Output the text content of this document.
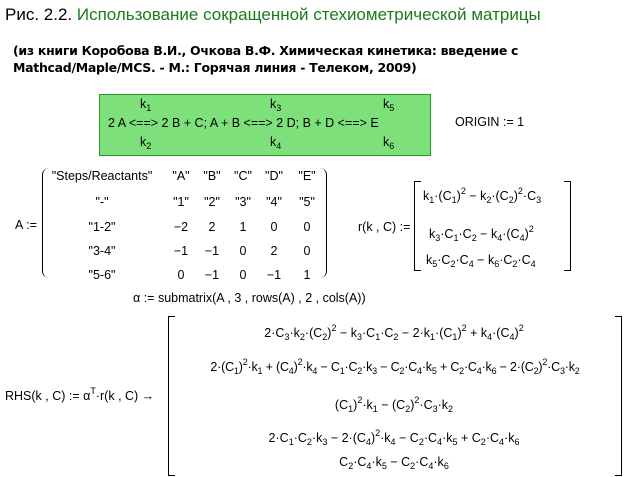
Рис. 2.2. Использование сокращенной стехиометрической матрицы
(из книги Коробова В.И., Очкова В.Ф. Химическая кинетика: введение с
Mathcad/Maple/MCS. - М.: Горячая линия - Телеком, 2009)
$k_1$	$k_3$	$k_5$
2 A <==> 2 B + C; A + B <==> 2 D; B + D <==> E
$k_2$	$k_4$	$k_6$
ORIGIN := 1
A :=
"Steps/Reactants"	"A"	"B"	"C"	"D"	"E"
"-"	"1"	"2"	"3"	"4"	"5"
"1-2"	−2	2	1	0	0
"3-4"	−1	−1	0	2	0
"5-6"	0	−1	0	−1	1
r(k , C) :=
$k_1\cdot(C_1)^2 - k_2\cdot(C_2)^2\cdot C_3$
$k_3\cdot C_1\cdot C_2 - k_4\cdot(C_4)^2$
$k_5\cdot C_2\cdot C_4 - k_6\cdot C_2\cdot C_4$
α := submatrix(A , 3 , rows(A) , 2 , cols(A))
RHS(k , C) := $\alpha^T\cdot r(k$ , C) →
$2\cdot C_3\cdot k_2\cdot(C_2)^2 - k_3\cdot C_1\cdot C_2 - 2\cdot k_1\cdot(C_1)^2 + k_4\cdot(C_4)^2$
$2\cdot(C_1)^2\cdot k_1 + (C_4)^2\cdot k_4 - C_1\cdot C_2\cdot k_3 - C_2\cdot C_4\cdot k_5 + C_2\cdot C_4\cdot k_6 - 2\cdot(C_2)^2\cdot C_3\cdot k_2$
$(C_1)^2\cdot k_1 - (C_2)^2\cdot C_3\cdot k_2$
$2\cdot C_1\cdot C_2\cdot k_3 - 2\cdot(C_4)^2\cdot k_4 - C_2\cdot C_4\cdot k_5 + C_2\cdot C_4\cdot k_6$
$C_2\cdot C_4\cdot k_5 - C_2\cdot C_4\cdot k_6$
